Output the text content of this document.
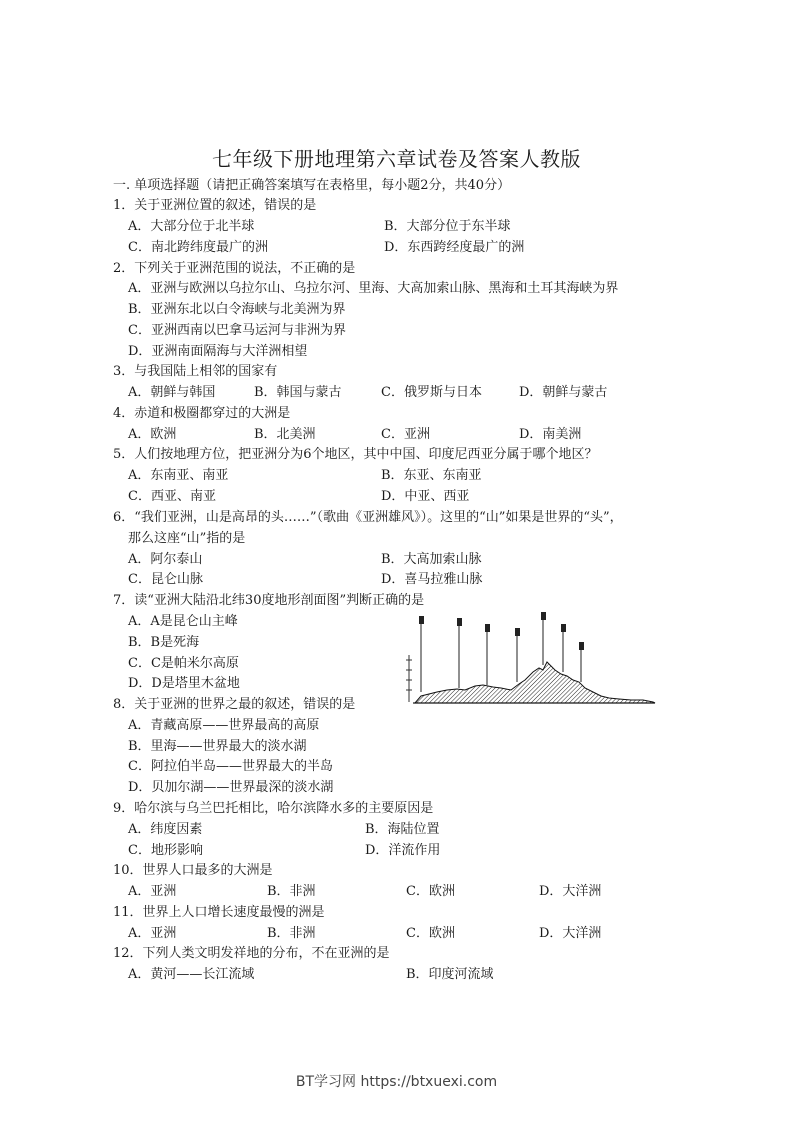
七年级下册地理第六章试卷及答案人教版
一. 单项选择题（请把正确答案填写在表格里，每小题2分，共40分）
1．关于亚洲位置的叙述，错误的是
A．大部分位于北半球	B．大部分位于东半球
C．南北跨纬度最广的洲	D．东西跨经度最广的洲
2．下列关于亚洲范围的说法，不正确的是
A．亚洲与欧洲以乌拉尔山、乌拉尔河、里海、大高加索山脉、黑海和土耳其海峡为界
B．亚洲东北以白令海峡与北美洲为界
C．亚洲西南以巴拿马运河与非洲为界
D．亚洲南面隔海与大洋洲相望
3．与我国陆上相邻的国家有
A．朝鲜与韩国	B．韩国与蒙古	C．俄罗斯与日本	D．朝鲜与蒙古
4．赤道和极圈都穿过的大洲是
A．欧洲	B．北美洲	C．亚洲	D．南美洲
5．人们按地理方位，把亚洲分为6个地区，其中中国、印度尼西亚分属于哪个地区？
A．东南亚、南亚	B．东亚、东南亚
C．西亚、南亚	D．中亚、西亚
6．“我们亚洲，山是高昂的头……”（歌曲《亚洲雄风》）。这里的“山”如果是世界的“头”，
那么这座“山”指的是
A．阿尔泰山	B．大高加索山脉
C．昆仑山脉	D．喜马拉雅山脉
7．读“亚洲大陆沿北纬30度地形剖面图”判断正确的是
A．A是昆仑山主峰
B．B是死海
C．C是帕米尔高原
D．D是塔里木盆地
8．关于亚洲的世界之最的叙述，错误的是
A．青藏高原——世界最高的高原
B．里海——世界最大的淡水湖
C．阿拉伯半岛——世界最大的半岛
D．贝加尔湖——世界最深的淡水湖
9．哈尔滨与乌兰巴托相比，哈尔滨降水多的主要原因是
A．纬度因素	B．海陆位置
C．地形影响	D．洋流作用
10．世界人口最多的大洲是
A．亚洲	B．非洲	C．欧洲	D．大洋洲
11．世界上人口增长速度最慢的洲是
A．亚洲	B．非洲	C．欧洲	D．大洋洲
12．下列人类文明发祥地的分布，不在亚洲的是
A．黄河——长江流域	B．印度河流域
BT学习网 https://btxuexi.com
